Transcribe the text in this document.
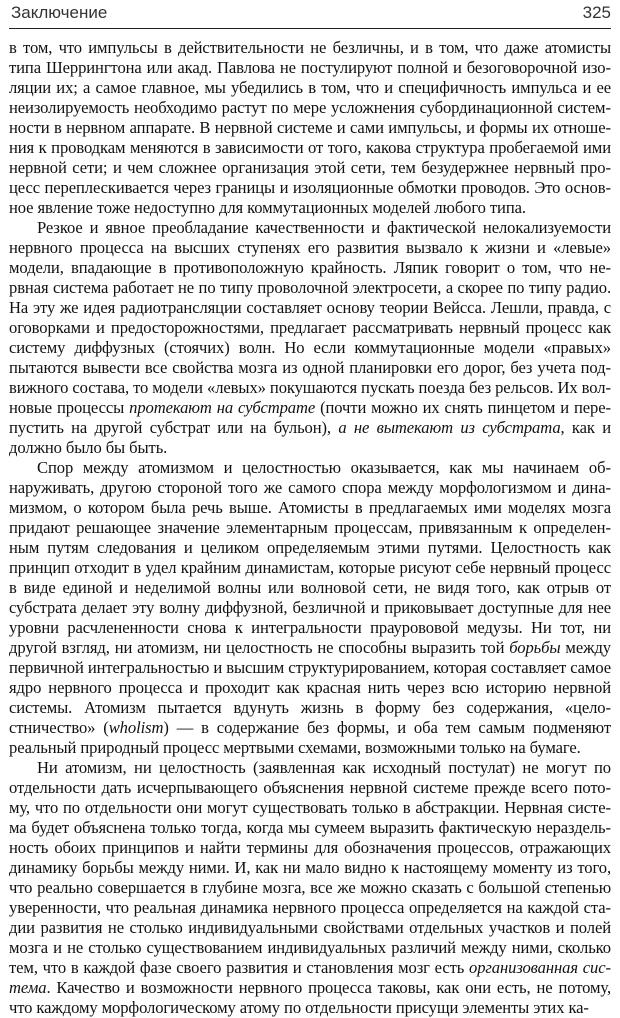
Заключение	325

в том, что импульсы в действительности не безличны, и в том, что даже атомисты типа Шеррингтона или акад. Павлова не постулируют полной и безоговорочной изоляции их; а самое главное, мы убедились в том, что и специфичность импульса и ее неизолируемость необходимо растут по мере усложнения субординационной системности в нервном аппарате. В нервной системе и сами импульсы, и формы их отношения к проводкам меняются в зависимости от того, какова структура пробегаемой ими нервной сети; и чем сложнее организация этой сети, тем безудержнее нервный процесс переплескивается через границы и изоляционные обмотки проводов. Это основное явление тоже недоступно для коммутационных моделей любого типа.

Резкое и явное преобладание качественности и фактической нелокализуемости нервного процесса на высших ступенях его развития вызвало к жизни и «левые» модели, впадающие в противоположную крайность. Ляпик говорит о том, что нервная система работает не по типу проволочной электросети, а скорее по типу радио. На эту же идея радиотрансляции составляет основу теории Вейсса. Лешли, правда, с оговорками и предосторожностями, предлагает рассматривать нервный процесс как систему диффузных (стоячих) волн. Но если коммутационные модели «правых» пытаются вывести все свойства мозга из одной планировки его дорог, без учета подвижного состава, то модели «левых» покушаются пускать поезда без рельсов. Их волновые процессы протекают на субстрате (почти можно их снять пинцетом и перепустить на другой субстрат или на бульон), а не вытекают из субстрата, как и должно было бы быть.

Спор между атомизмом и целостностью оказывается, как мы начинаем обнаруживать, другою стороной того же самого спора между морфологизмом и динамизмом, о котором была речь выше. Атомисты в предлагаемых ими моделях мозга придают решающее значение элементарным процессам, привязанным к определенным путям следования и целиком определяемым этими путями. Целостность как принцип отходит в удел крайним динамистам, которые рисуют себе нервный процесс в виде единой и неделимой волны или волновой сети, не видя того, как отрыв от субстрата делает эту волну диффузной, безличной и приковывает доступные для нее уровни расчлененности снова к интегральности праурововой медузы. Ни тот, ни другой взгляд, ни атомизм, ни целостность не способны выразить той борьбы между первичной интегральностью и высшим структурированием, которая составляет самое ядро нервного процесса и проходит как красная нить через всю историю нервной системы. Атомизм пытается вдунуть жизнь в форму без содержания, «целостничество» (wholism) — в содержание без формы, и оба тем самым подменяют реальный природный процесс мертвыми схемами, возможными только на бумаге.

Ни атомизм, ни целостность (заявленная как исходный постулат) не могут по отдельности дать исчерпывающего объяснения нервной системе прежде всего потому, что по отдельности они могут существовать только в абстракции. Нервная система будет объяснена только тогда, когда мы сумеем выразить фактическую нераздельность обоих принципов и найти термины для обозначения процессов, отражающих динамику борьбы между ними. И, как ни мало видно к настоящему моменту из того, что реально совершается в глубине мозга, все же можно сказать с большой степенью уверенности, что реальная динамика нервного процесса определяется на каждой стадии развития не столько индивидуальными свойствами отдельных участков и полей мозга и не столько существованием индивидуальных различий между ними, сколько тем, что в каждой фазе своего развития и становления мозг есть организованная система. Качество и возможности нервного процесса таковы, как они есть, не потому, что каждому морфологическому атому по отдельности присущи элементы этих ка-
